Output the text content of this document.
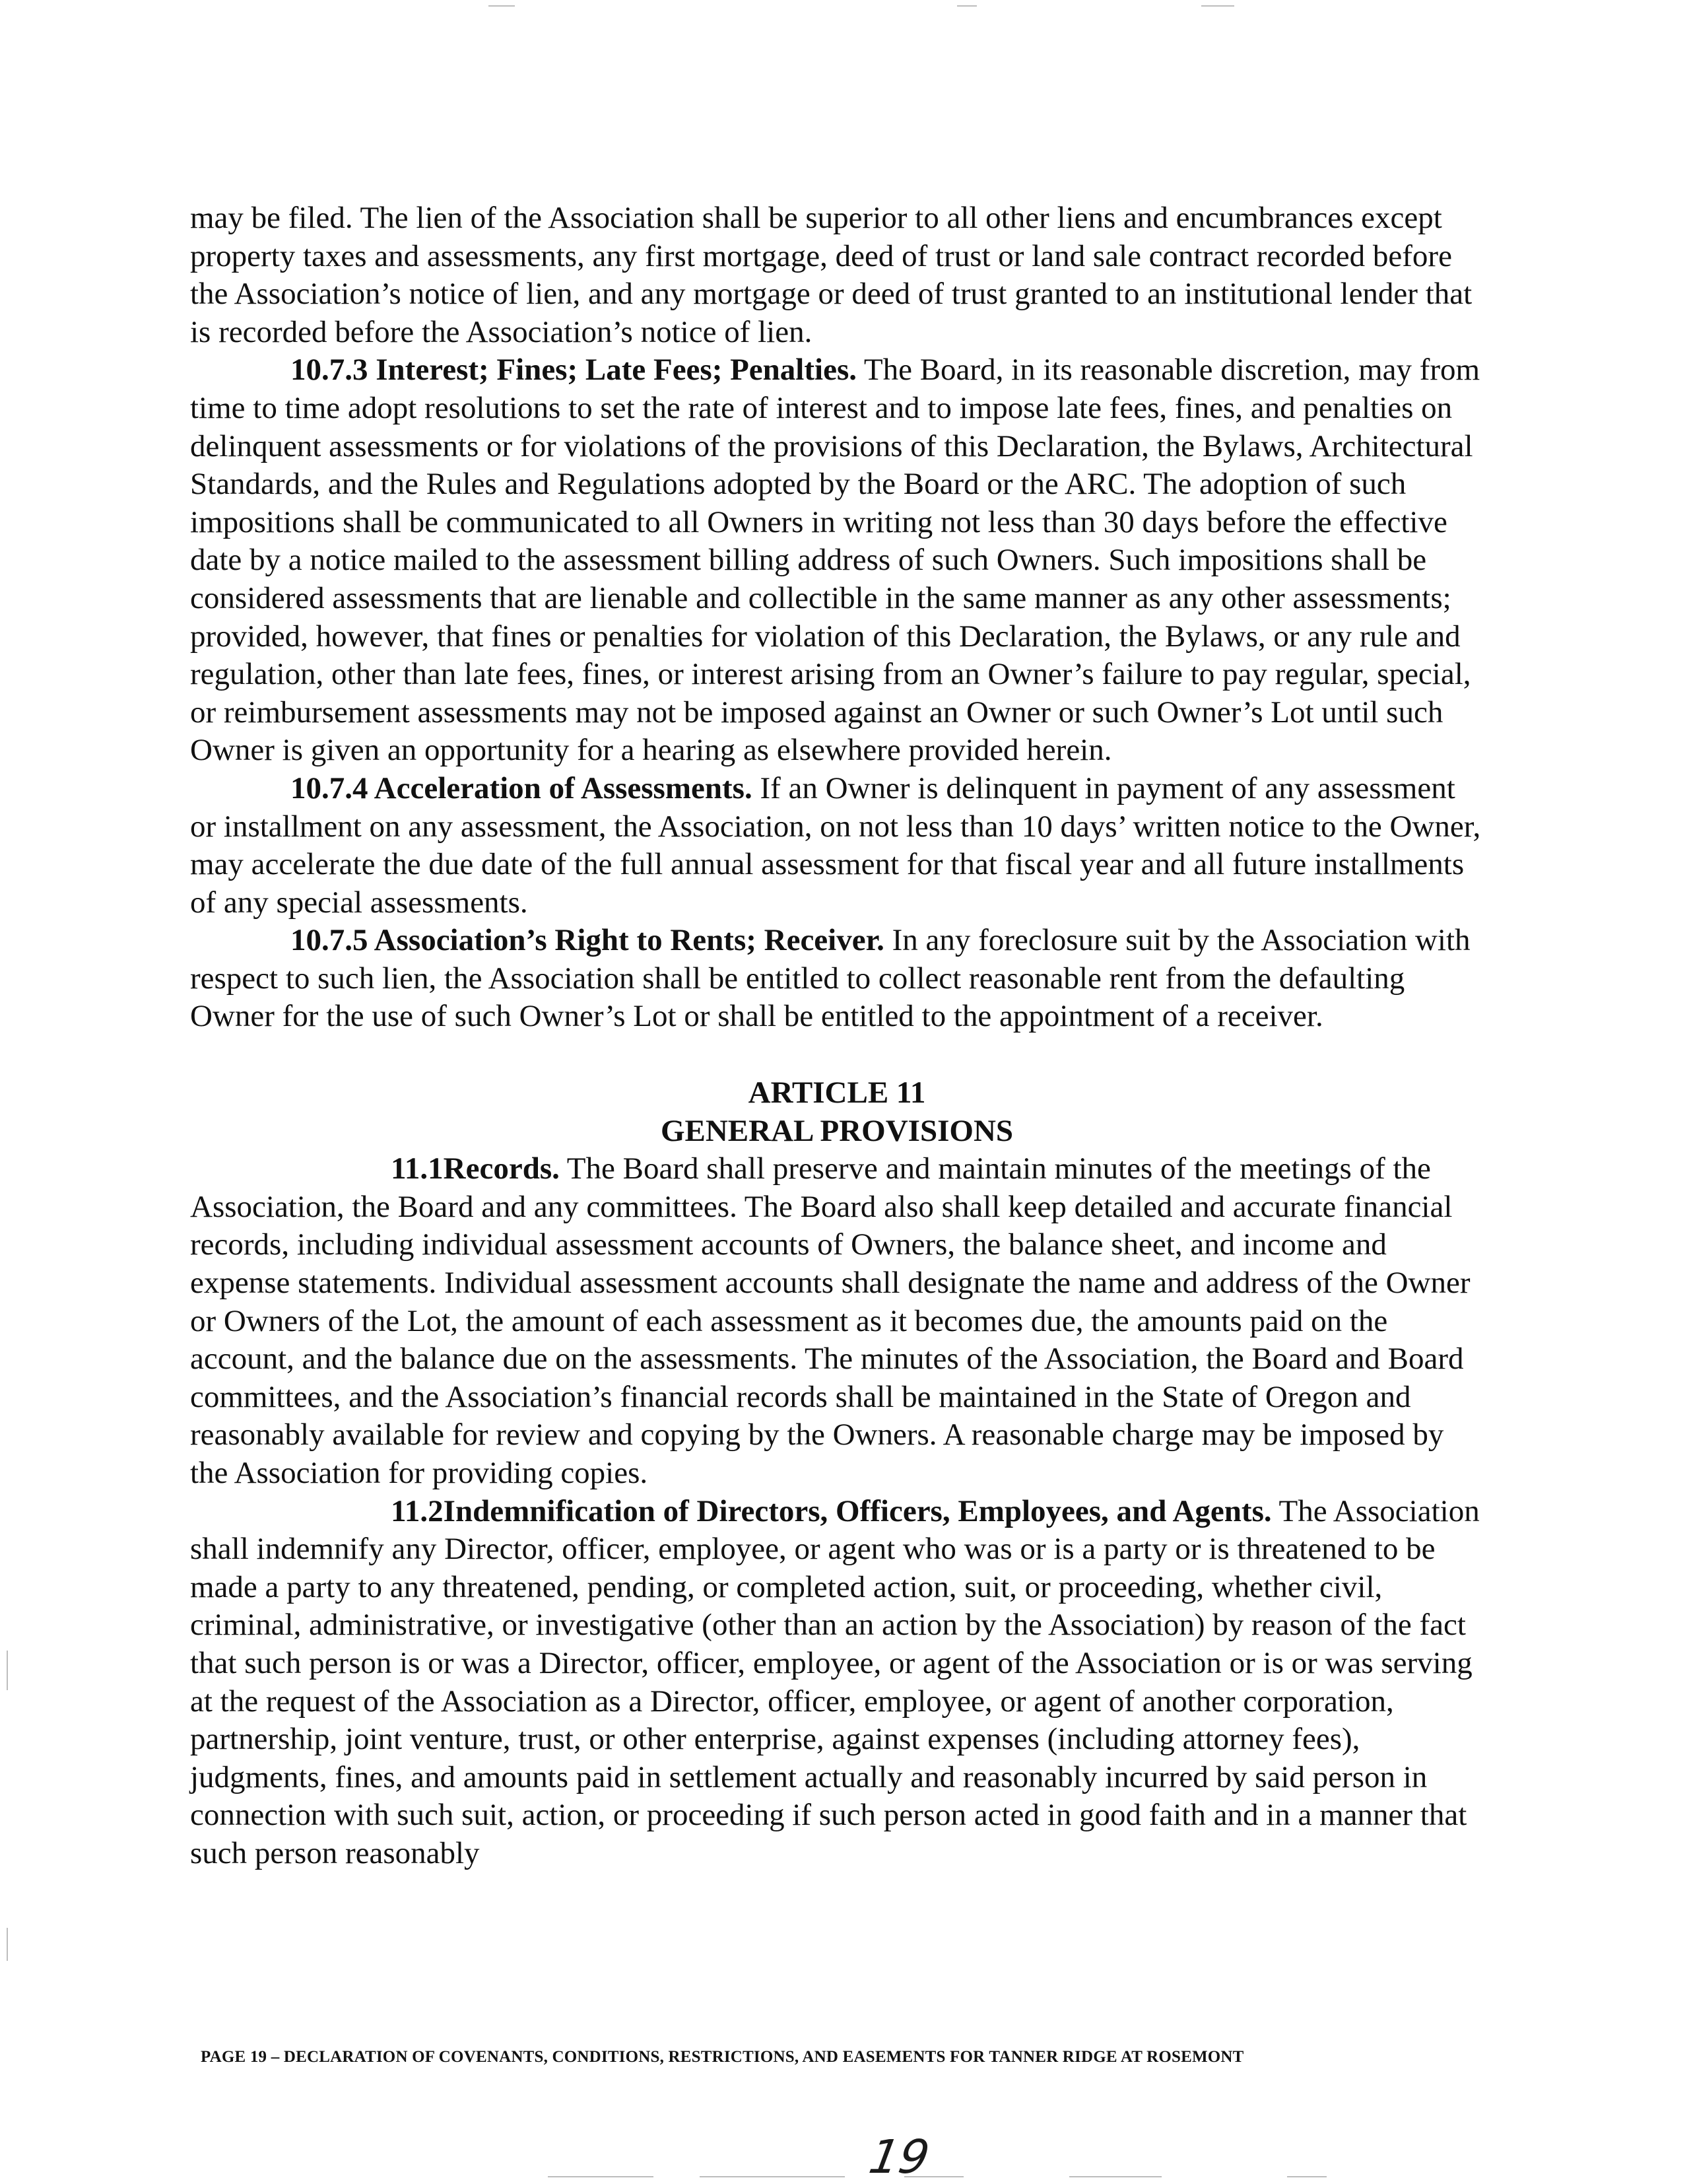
may be filed. The lien of the Association shall be superior to all other liens and encumbrances except property taxes and assessments, any first mortgage, deed of trust or land sale contract recorded before the Association’s notice of lien, and any mortgage or deed of trust granted to an institutional lender that is recorded before the Association’s notice of lien.

10.7.3 Interest; Fines; Late Fees; Penalties. The Board, in its reasonable discretion, may from time to time adopt resolutions to set the rate of interest and to impose late fees, fines, and penalties on delinquent assessments or for violations of the provisions of this Declaration, the Bylaws, Architectural Standards, and the Rules and Regulations adopted by the Board or the ARC. The adoption of such impositions shall be communicated to all Owners in writing not less than 30 days before the effective date by a notice mailed to the assessment billing address of such Owners. Such impositions shall be considered assessments that are lienable and collectible in the same manner as any other assessments; provided, however, that fines or penalties for violation of this Declaration, the Bylaws, or any rule and regulation, other than late fees, fines, or interest arising from an Owner’s failure to pay regular, special, or reimbursement assessments may not be imposed against an Owner or such Owner’s Lot until such Owner is given an opportunity for a hearing as elsewhere provided herein.

10.7.4 Acceleration of Assessments. If an Owner is delinquent in payment of any assessment or installment on any assessment, the Association, on not less than 10 days’ written notice to the Owner, may accelerate the due date of the full annual assessment for that fiscal year and all future installments of any special assessments.

10.7.5 Association’s Right to Rents; Receiver. In any foreclosure suit by the Association with respect to such lien, the Association shall be entitled to collect reasonable rent from the defaulting Owner for the use of such Owner’s Lot or shall be entitled to the appointment of a receiver.

ARTICLE 11
GENERAL PROVISIONS

11.1Records. The Board shall preserve and maintain minutes of the meetings of the Association, the Board and any committees. The Board also shall keep detailed and accurate financial records, including individual assessment accounts of Owners, the balance sheet, and income and expense statements. Individual assessment accounts shall designate the name and address of the Owner or Owners of the Lot, the amount of each assessment as it becomes due, the amounts paid on the account, and the balance due on the assessments. The minutes of the Association, the Board and Board committees, and the Association’s financial records shall be maintained in the State of Oregon and reasonably available for review and copying by the Owners. A reasonable charge may be imposed by the Association for providing copies.

11.2Indemnification of Directors, Officers, Employees, and Agents. The Association shall indemnify any Director, officer, employee, or agent who was or is a party or is threatened to be made a party to any threatened, pending, or completed action, suit, or proceeding, whether civil, criminal, administrative, or investigative (other than an action by the Association) by reason of the fact that such person is or was a Director, officer, employee, or agent of the Association or is or was serving at the request of the Association as a Director, officer, employee, or agent of another corporation, partnership, joint venture, trust, or other enterprise, against expenses (including attorney fees), judgments, fines, and amounts paid in settlement actually and reasonably incurred by said person in connection with such suit, action, or proceeding if such person acted in good faith and in a manner that such person reasonably

PAGE 19 – DECLARATION OF COVENANTS, CONDITIONS, RESTRICTIONS, AND EASEMENTS FOR TANNER RIDGE AT ROSEMONT
19
